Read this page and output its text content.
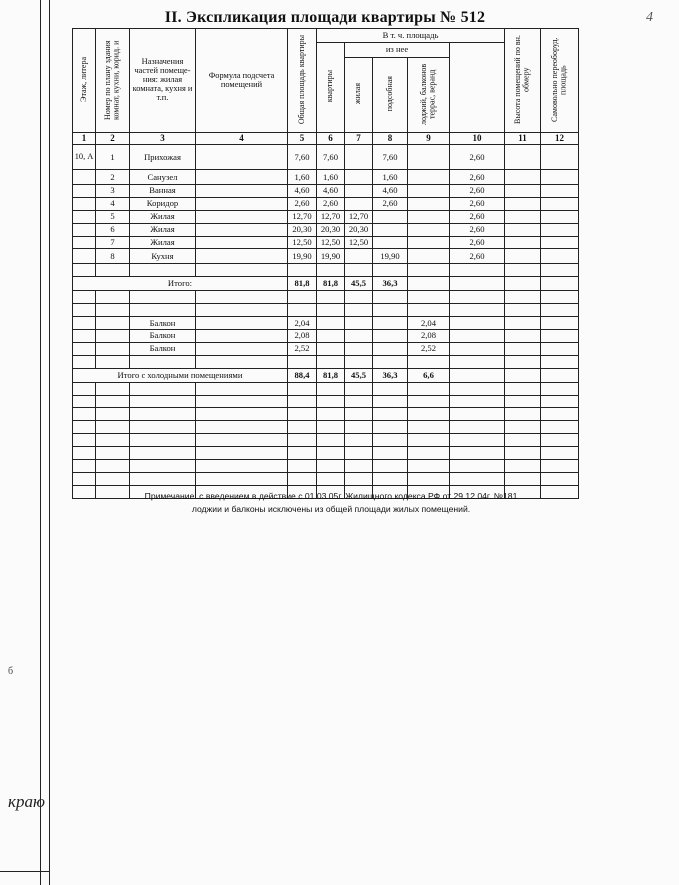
4
б
краю
II. Экспликация площади квартиры № 512
Этаж, литера	Номер по плану здания комнат, кухни, корид. и	Назначения частей помеще- ния: жилая комната, кухня и т.п.	Формула подсчета помещений	Общая площадь квартиры	В т. ч. площадь					Высота помещений по вн. обмеру	Самовольно переоборуд. площадь	
					квартиры	из нее					
						жилая	подсобная	лоджий, балконов террас, веранд				
1	2	3	4	5	6	7	8	9	10	11	12	
10, А	1	Прихожая		7,60	7,60		7,60		2,60			
	2	Санузел		1,60	1,60		1,60		2,60			
	3	Ванная		4,60	4,60		4,60		2,60			
	4	Коридор		2,60	2,60		2,60		2,60			
	5	Жилая		12,70	12,70	12,70			2,60			
	6	Жилая		20,30	20,30	20,30			2,60			
	7	Жилая		12,50	12,50	12,50			2,60			
	8	Кухня		19,90	19,90		19,90		2,60			

Итого:				81,8	81,8	45,5	36,3					

		Балкон		2,04				2,04				
		Балкон		2,08				2,08				
		Балкон		2,52				2,52				

Итого с холодными помещениями				88,4	81,8	45,5	36,3	6,6				

Примечание: с введением в действие с 01.03.05г. Жилищного кодекса РФ от 29.12.04г. №181
лоджии и балконы исключены из общей площади жилых помещений.
